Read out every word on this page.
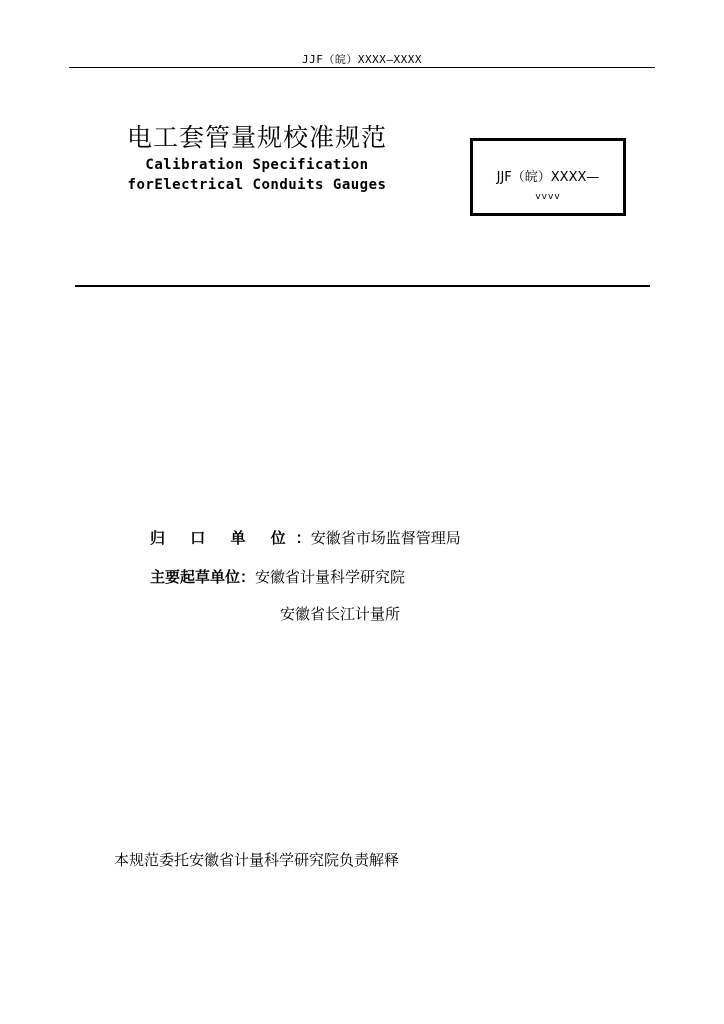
JJF（皖）XXXX—XXXX
电工套管量规校准规范
Calibration Specification
forElectrical Conduits Gauges	JJF（皖）XXXX—
vvvv
归 口 单 位：安徽省市场监督管理局
主要起草单位：安徽省计量科学研究院
安徽省长江计量所
本规范委托安徽省计量科学研究院负责解释
